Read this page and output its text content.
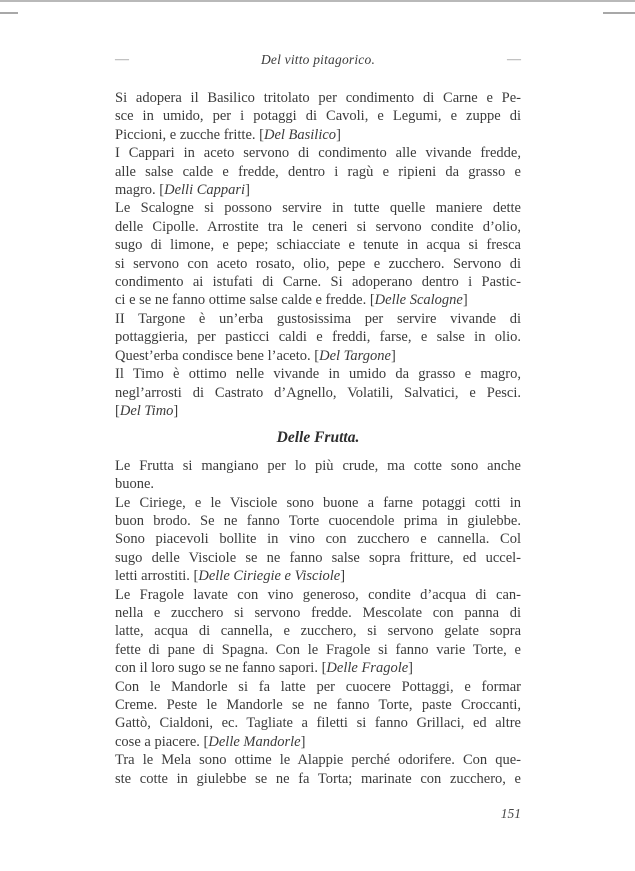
—	Del vitto pitagorico.	—
Si adopera il Basilico tritolato per condimento di Carne e Pe-
sce in umido, per i potaggi di Cavoli, e Legumi, e zuppe di
Piccioni, e zucche fritte. [Del Basilico]
I Cappari in aceto servono di condimento alle vivande fredde,
alle salse calde e fredde, dentro i ragù e ripieni da grasso e
magro. [Delli Cappari]
Le Scalogne si possono servire in tutte quelle maniere dette
delle Cipolle. Arrostite tra le ceneri si servono condite d’olio,
sugo di limone, e pepe; schiacciate e tenute in acqua si fresca
si servono con aceto rosato, olio, pepe e zucchero. Servono di
condimento ai istufati di Carne. Si adoperano dentro i Pastic-
ci e se ne fanno ottime salse calde e fredde. [Delle Scalogne]
II Targone è un’erba gustosissima per servire vivande di
pottaggieria, per pasticci caldi e freddi, farse, e salse in olio.
Quest’erba condisce bene l’aceto. [Del Targone]
Il Timo è ottimo nelle vivande in umido da grasso e magro,
negl’arrosti di Castrato d’Agnello, Volatili, Salvatici, e Pesci.
[Del Timo]
Delle Frutta.
Le Frutta si mangiano per lo più crude, ma cotte sono anche
buone.
Le Ciriege, e le Visciole sono buone a farne potaggi cotti in
buon brodo. Se ne fanno Torte cuocendole prima in giulebbe.
Sono piacevoli bollite in vino con zucchero e cannella. Col
sugo delle Visciole se ne fanno salse sopra fritture, ed uccel-
letti arrostiti. [Delle Ciriegie e Visciole]
Le Fragole lavate con vino generoso, condite d’acqua di can-
nella e zucchero si servono fredde. Mescolate con panna di
latte, acqua di cannella, e zucchero, si servono gelate sopra
fette di pane di Spagna. Con le Fragole si fanno varie Torte, e
con il loro sugo se ne fanno sapori. [Delle Fragole]
Con le Mandorle si fa latte per cuocere Pottaggi, e formar
Creme. Peste le Mandorle se ne fanno Torte, paste Croccanti,
Gattò, Cialdoni, ec. Tagliate a filetti si fanno Grillaci, ed altre
cose a piacere. [Delle Mandorle]
Tra le Mela sono ottime le Alappie perché odorifere. Con que-
ste cotte in giulebbe se ne fa Torta; marinate con zucchero, e
151
